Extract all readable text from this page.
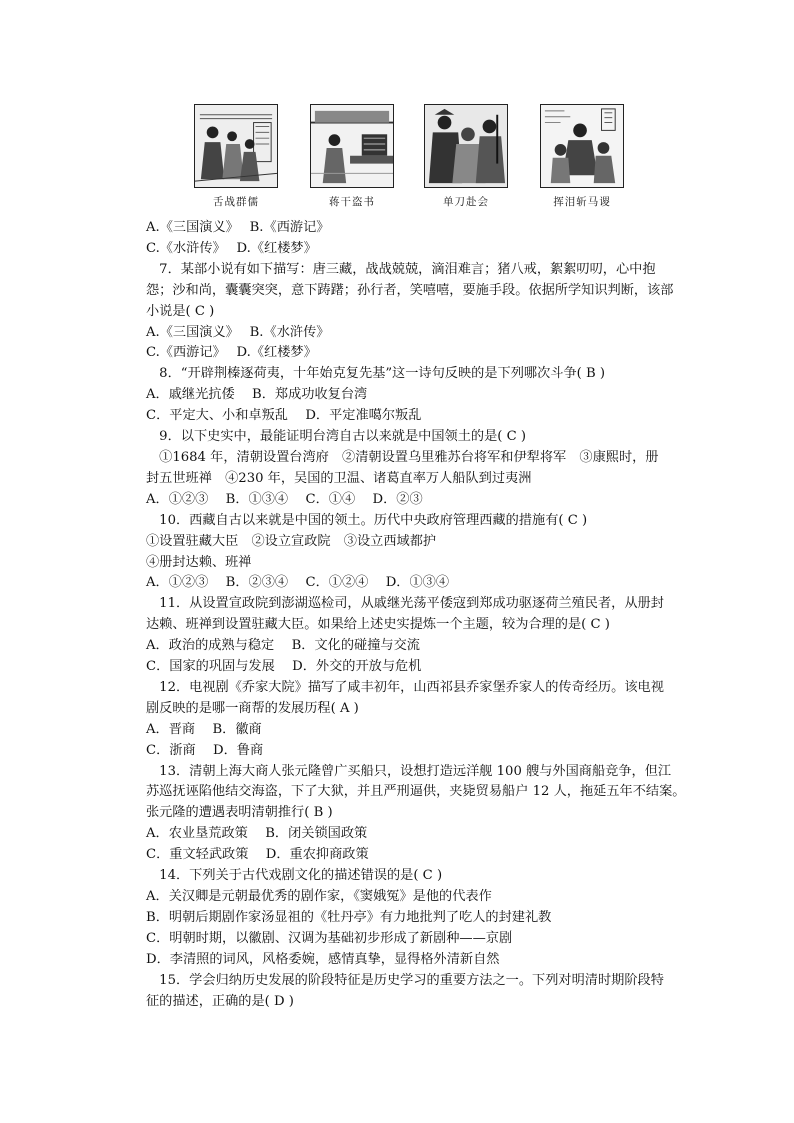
舌战群儒	蒋干盗书	单刀赴会	挥泪斩马谡
A.《三国演义》　 B.《西游记》
C.《水浒传》　 D.《红楼梦》
　7．某部小说有如下描写：唐三藏，战战兢兢，滴泪难言；猪八戒，絮絮叨叨，心中抱
怨；沙和尚，囊囊突突，意下踌躇；孙行者，笑嘻嘻，要施手段。依据所学知识判断，该部
小说是( C )
A.《三国演义》　 B.《水浒传》
C.《西游记》　 D.《红楼梦》
　8．“开辟荆榛逐荷夷，十年始克复先基”这一诗句反映的是下列哪次斗争( B )
A．戚继光抗倭　 B．郑成功收复台湾
C．平定大、小和卓叛乱　 D．平定准噶尔叛乱
　9．以下史实中，最能证明台湾自古以来就是中国领土的是( C )
　①1684 年，清朝设置台湾府　②清朝设置乌里雅苏台将军和伊犁将军　③康熙时，册
封五世班禅　④230 年，吴国的卫温、诸葛直率万人船队到过夷洲
A．①②③　 B．①③④　 C．①④　 D．②③
　10．西藏自古以来就是中国的领土。历代中央政府管理西藏的措施有( C )
①设置驻藏大臣　②设立宣政院　③设立西域都护
④册封达赖、班禅
A．①②③　 B．②③④　 C．①②④　 D．①③④
　11．从设置宣政院到澎湖巡检司，从戚继光荡平倭寇到郑成功驱逐荷兰殖民者，从册封
达赖、班禅到设置驻藏大臣。如果给上述史实提炼一个主题，较为合理的是( C )
A．政治的成熟与稳定　 B．文化的碰撞与交流
C．国家的巩固与发展　 D．外交的开放与危机
　12．电视剧《乔家大院》描写了咸丰初年，山西祁县乔家堡乔家人的传奇经历。该电视
剧反映的是哪一商帮的发展历程( A )
A．晋商　 B．徽商
C．浙商　 D．鲁商
　13．清朝上海大商人张元隆曾广买船只，设想打造远洋舰 100 艘与外国商船竞争，但江
苏巡抚诬陷他结交海盗，下了大狱，并且严刑逼供，夹毙贸易船户 12 人，拖延五年不结案。
张元隆的遭遇表明清朝推行( B )
A．农业垦荒政策　 B．闭关锁国政策
C．重文轻武政策　 D．重农抑商政策
　14．下列关于古代戏剧文化的描述错误的是( C )
A．关汉卿是元朝最优秀的剧作家，《窦娥冤》是他的代表作
B．明朝后期剧作家汤显祖的《牡丹亭》有力地批判了吃人的封建礼教
C．明朝时期，以徽剧、汉调为基础初步形成了新剧种——京剧
D．李清照的词风，风格委婉，感情真挚，显得格外清新自然
　15．学会归纳历史发展的阶段特征是历史学习的重要方法之一。下列对明清时期阶段特
征的描述，正确的是( D )
